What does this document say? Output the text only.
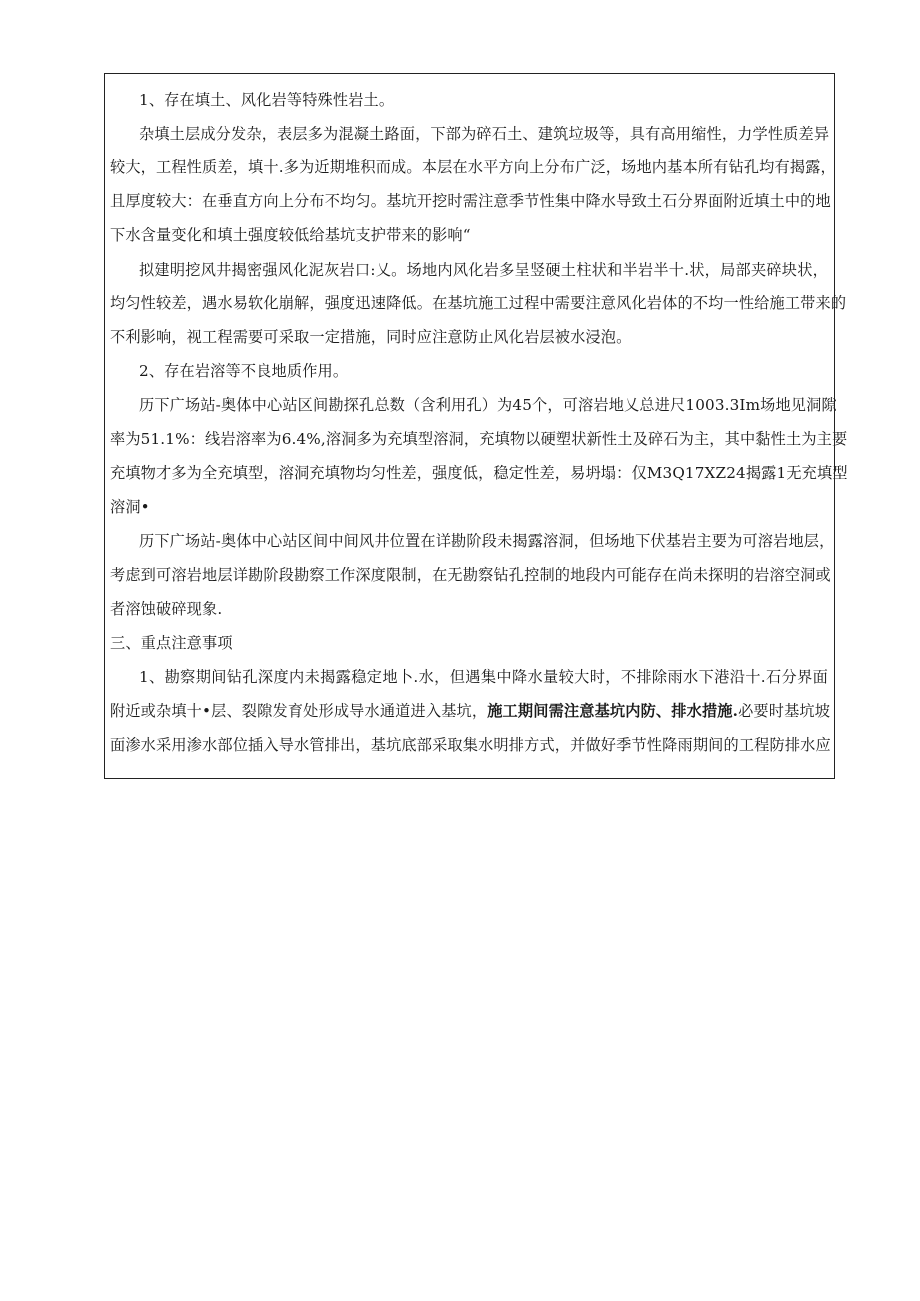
1、存在填土、风化岩等特殊性岩土。
杂填土层成分发杂，表层多为混凝土路面，下部为碎石土、建筑垃圾等，具有高用缩性，力学性质差异
较大，工程性质差，填十.多为近期堆积而成。本层在水平方向上分布广泛，场地内基本所有钻孔均有揭露，
且厚度较大：在垂直方向上分布不均匀。基坑开挖时需注意季节性集中降水导致土石分界面附近填土中的地
下水含量变化和填土强度较低给基坑支护带来的影响“
拟建明挖风井揭密强风化泥灰岩口:乂。场地内风化岩多呈竖硬土柱状和半岩半十.状，局部夹碎块状，
均匀性较差，遇水易软化崩解，强度迅速降低。在基坑施工过程中需要注意风化岩体的不均一性给施工带来的
不利影响，视工程需要可采取一定措施，同时应注意防止风化岩层被水浸泡。
2、存在岩溶等不良地质作用。
历下广场站-奥体中心站区间勘探孔总数（含利用孔）为45个，可溶岩地乂总进尺1003.3Im场地见洞隙
率为51.1%：线岩溶率为6.4%,溶洞多为充填型溶洞，充填物以硬塑状新性土及碎石为主，其中黏性土为主要
充填物才多为全充填型，溶洞充填物均匀性差，强度低，稳定性差，易坍塌：仅M3Q17XZ24揭露1无充填型
溶洞•
历下广场站-奥体中心站区间中间风井位置在详勘阶段未揭露溶洞，但场地下伏基岩主要为可溶岩地层，
考虑到可溶岩地层详勘阶段勘察工作深度限制，在无勘察钻孔控制的地段内可能存在尚未探明的岩溶空洞或
者溶蚀破碎现象.
三、重点注意事项
1、勘察期间钻孔深度内未揭露稳定地卜.水，但遇集中降水量较大时，不排除雨水下港沿十.石分界面
附近或杂填十•层、裂隙发育处形成导水通道进入基坑，施工期间需注意基坑内防、排水措施.必要时基坑坡
面渗水采用渗水部位插入导水管排出，基坑底部采取集水明排方式，并做好季节性降雨期间的工程防排水应
